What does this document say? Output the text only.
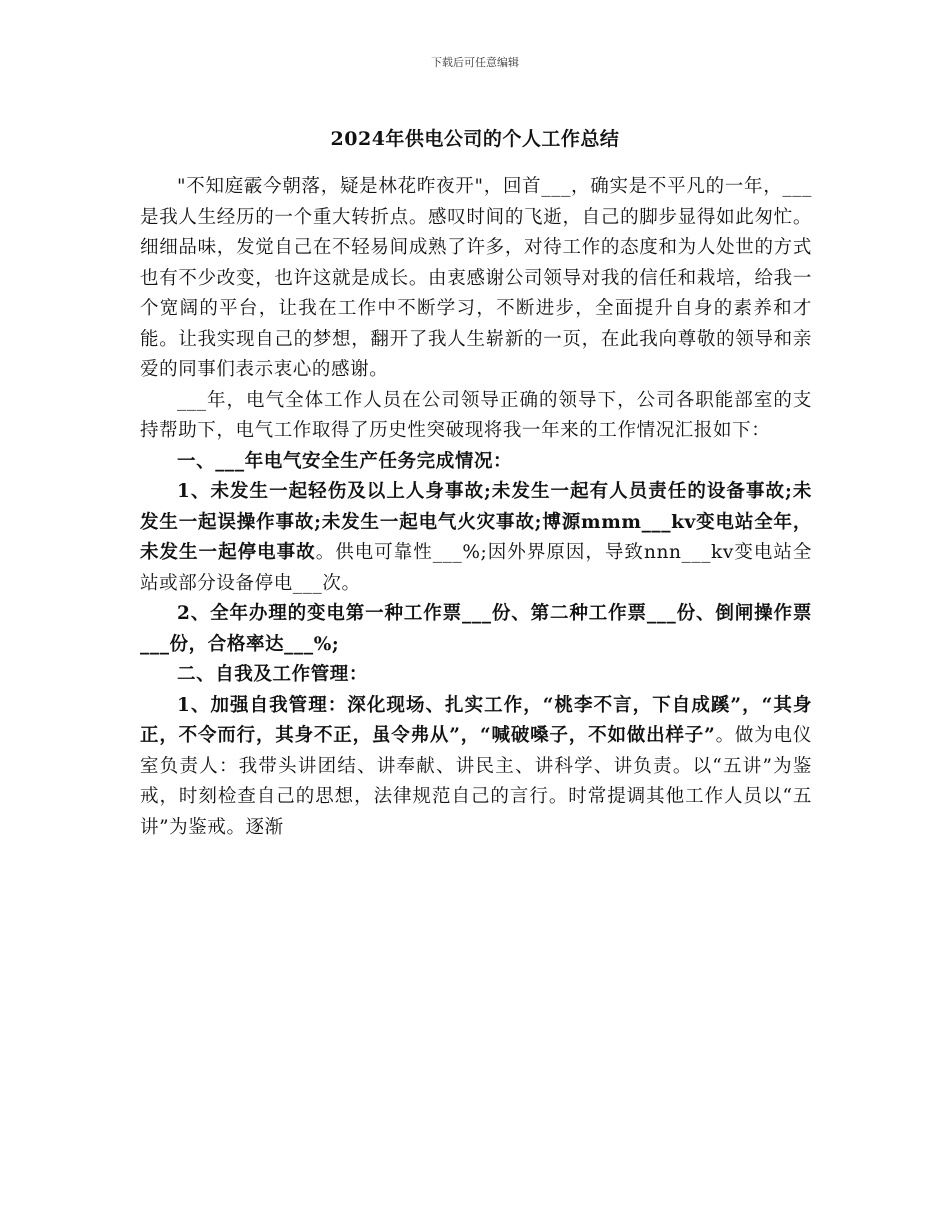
下载后可任意编辑
2024年供电公司的个人工作总结

"不知庭霰今朝落，疑是林花昨夜开"，回首___，确实是不平凡的一年，___是我人生经历的一个重大转折点。感叹时间的飞逝，自己的脚步显得如此匆忙。细细品味，发觉自己在不轻易间成熟了许多，对待工作的态度和为人处世的方式也有不少改变，也许这就是成长。由衷感谢公司领导对我的信任和栽培，给我一个宽阔的平台，让我在工作中不断学习，不断进步，全面提升自身的素养和才能。让我实现自己的梦想，翻开了我人生崭新的一页，在此我向尊敬的领导和亲爱的同事们表示衷心的感谢。

___年，电气全体工作人员在公司领导正确的领导下，公司各职能部室的支持帮助下，电气工作取得了历史性突破现将我一年来的工作情况汇报如下：

一、___年电气安全生产任务完成情况：

1、未发生一起轻伤及以上人身事故;未发生一起有人员责任的设备事故;未发生一起误操作事故;未发生一起电气火灾事故;博源mmm___kv变电站全年，未发生一起停电事故。供电可靠性___%;因外界原因，导致nnn___kv变电站全站或部分设备停电___次。

2、全年办理的变电第一种工作票___份、第二种工作票___份、倒闸操作票___份，合格率达___%;

二、自我及工作管理：

1、加强自我管理：深化现场、扎实工作，“桃李不言，下自成蹊”，“其身正，不令而行，其身不正，虽令弗从”，“喊破嗓子，不如做出样子”。做为电仪室负责人：我带头讲团结、讲奉献、讲民主、讲科学、讲负责。以“五讲”为鉴戒，时刻检查自己的思想，法律规范自己的言行。时常提调其他工作人员以“五讲”为鉴戒。逐渐
